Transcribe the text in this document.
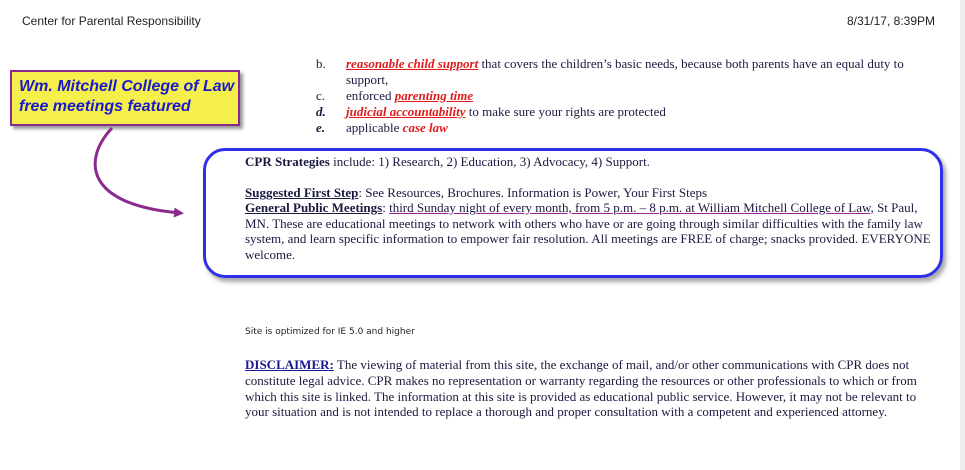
Center for Parental Responsibility	8/31/17, 8:39PM
Wm. Mitchell College of Law
free meetings featured
b. reasonable child support that covers the children’s basic needs, because both parents have an equal duty to support,
c. enforced parenting time
d. judicial accountability to make sure your rights are protected
e. applicable case law

CPR Strategies include: 1) Research, 2) Education, 3) Advocacy, 4) Support.

Suggested First Step: See Resources, Brochures. Information is Power, Your First Steps

General Public Meetings: third Sunday night of every month, from 5 p.m. – 8 p.m. at William Mitchell College of Law, St Paul, MN. These are educational meetings to network with others who have or are going through similar difficulties with the family law system, and learn specific information to empower fair resolution. All meetings are FREE of charge; snacks provided. EVERYONE welcome.

Site is optimized for IE 5.0 and higher
DISCLAIMER: The viewing of material from this site, the exchange of mail, and/or other communications with CPR does not constitute legal advice. CPR makes no representation or warranty regarding the resources or other professionals to which or from which this site is linked. The information at this site is provided as educational public service. However, it may not be relevant to your situation and is not intended to replace a thorough and proper consultation with a competent and experienced attorney.
